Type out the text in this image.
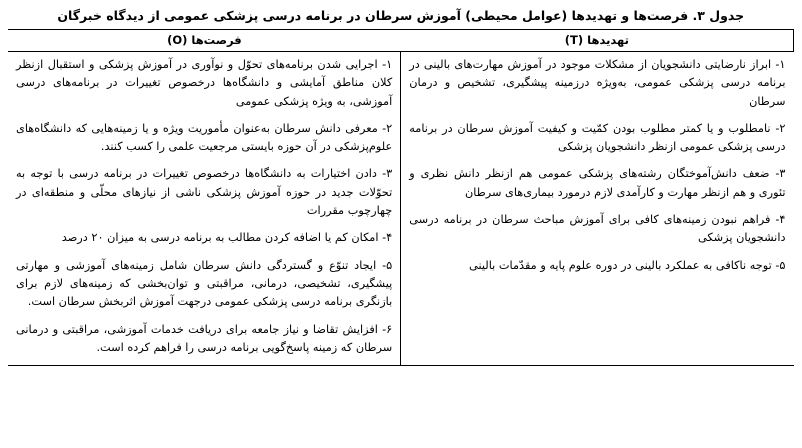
جدول ۳. فرصت‌ها و تهدیدها (عوامل محیطی) آموزش سرطان در برنامه درسی پزشکی عمومی از دیدگاه خبرگان	
تهدیدها (T)	فرصت‌ها (O)

۱- ابراز نارضایتی دانشجویان از مشکلات موجود در آموزش مهارت‌های بالینی در برنامه درسی پزشکی عمومی، به‌ویژه درزمینه پیشگیری، تشخیص و درمان سرطان
۲- نامطلوب و یا کمتر مطلوب بودن کمّیت و کیفیت آموزش سرطان در برنامه درسی پزشکی عمومی ازنظر دانشجویان پزشکی
۳- ضعف دانش‌آموختگان رشته‌های پزشکی عمومی هم ازنظر دانش نظری و تئوری و هم ازنظر مهارت و کارآمدی لازم در‌مورد بیماری‌های سرطان
۴- فراهم نبودن زمینه‌های کافی برای آموزش مباحث سرطان در برنامه درسی دانشجویان پزشکی
۵- توجه ناکافی به عملکرد بالینی در دوره علوم پایه و مقدّمات بالینی

۱- اجرایی شدن برنامه‌های تحوّل و نوآوری در آموزش پزشکی و استقبال ازنظر کلان مناطق آمایشی و دانشگاه‌ها درخصوص تغییرات در برنامه‌های درسی آموزشی، به ویژه پزشکی عمومی
۲- معرفی دانش سرطان به‌عنوان مأموریت ویژه و یا زمینه‌هایی که دانشگاه‌های علوم‌پزشکی در آن حوزه بایستی مرجعیت علمی را کسب کنند.
۳- دادن اختیارات به دانشگاه‌ها درخصوص تغییرات در برنامه درسی با توجه به تحوّلات جدید در حوزه آموزش پزشکی ناشی از نیازهای محلّی و منطقه‌ای در چهارچوب مقررات
۴- امکان کم یا اضافه کردن مطالب به برنامه درسی به میزان ۲۰ درصد
۵- ایجاد تنوّع و گستردگی دانش سرطان شامل زمینه‌های آموزشی و مهارتی پیشگیری، تشخیصی، درمانی، مراقبتی و توان‌بخشی که زمینه‌های لازم برای بازنگری برنامه درسی پزشکی عمومی درجهت آموزش اثربخش سرطان است.
۶- افزایش تقاضا و نیاز جامعه برای دریافت خدمات آموزشی، مراقبتی و درمانی سرطان که زمینه پاسخ‌گویی برنامه درسی را فراهم کرده است.
